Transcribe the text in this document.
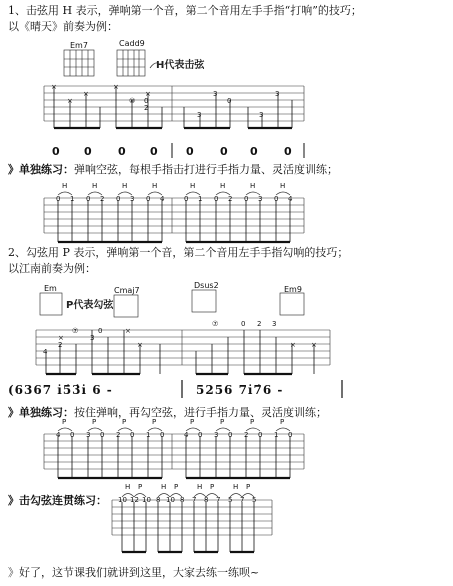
1、击弦用 H 表示，弹响第一个音，第二个音用左手手指“打响”的技巧；
以《晴天》前奏为例：
Em7	Cadd9
H代表击弦
×
×
×
×
⑩
×
0
2
3
0
3
3
3
0 0 0 0	0 0 0 0
》单独练习：弹响空弦，每根手指击打进行手指力量、灵活度训练；
H	H	H	H	H	H	H	H
0 1 0 2 0 3 0 4	0 1 0 2 0 3 0 4
2、勾弦用 P 表示，弹响第一个音，第二个音用左手手指勾响的技巧；
以江南前奏为例：
Em	Cmaj7
Dsus2	Em9
P代表勾弦
4
2
⑦
3
0
×
×
×
⑦	0 2 3
× ×
(6367 i̇5̇3̇i̇ 6 -	5256 7i̇7̇6 -
》单独练习：按住弹响，再勾空弦，进行手指力量、灵活度训练；
P	P	P	P	P	P	P	P
4 0 3 0 2 0 1 0	4 0 3 0 2 0 1 0
》击勾弦连贯练习：
H P	H P	H P	H P
10 12 10 8 10 8 7 8 7 5 7 5
》好了，这节课我们就讲到这里，大家去练一练呗~
